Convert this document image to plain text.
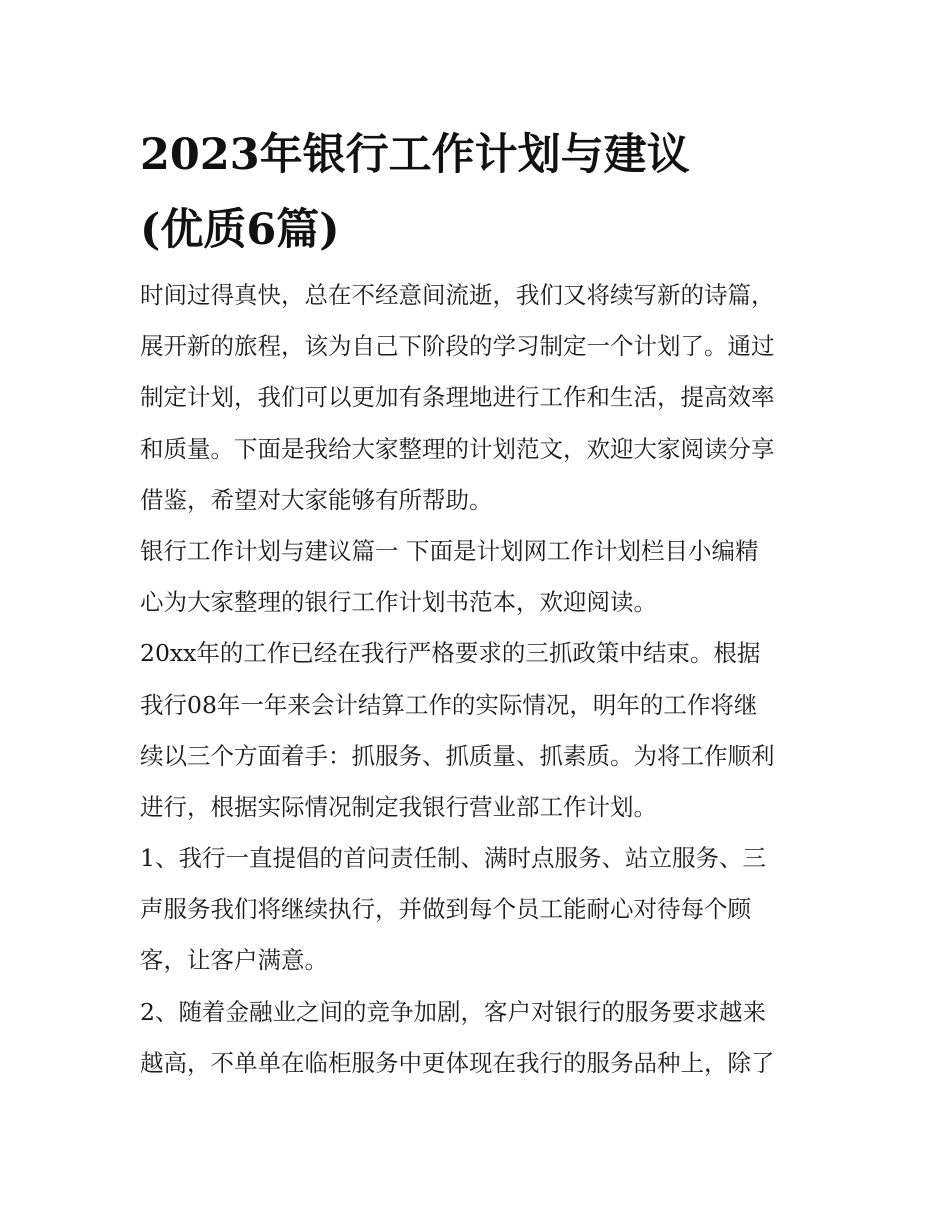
2023年银行工作计划与建议
(优质6篇)
时间过得真快，总在不经意间流逝，我们又将续写新的诗篇，
展开新的旅程，该为自己下阶段的学习制定一个计划了。通过
制定计划，我们可以更加有条理地进行工作和生活，提高效率
和质量。下面是我给大家整理的计划范文，欢迎大家阅读分享
借鉴，希望对大家能够有所帮助。
银行工作计划与建议篇一 下面是计划网工作计划栏目小编精
心为大家整理的银行工作计划书范本，欢迎阅读。
20xx年的工作已经在我行严格要求的三抓政策中结束。根据
我行08年一年来会计结算工作的实际情况，明年的工作将继
续以三个方面着手：抓服务、抓质量、抓素质。为将工作顺利
进行，根据实际情况制定我银行营业部工作计划。
1、我行一直提倡的首问责任制、满时点服务、站立服务、三
声服务我们将继续执行，并做到每个员工能耐心对待每个顾
客，让客户满意。
2、随着金融业之间的竞争加剧，客户对银行的服务要求越来
越高，不单单在临柜服务中更体现在我行的服务品种上，除了
